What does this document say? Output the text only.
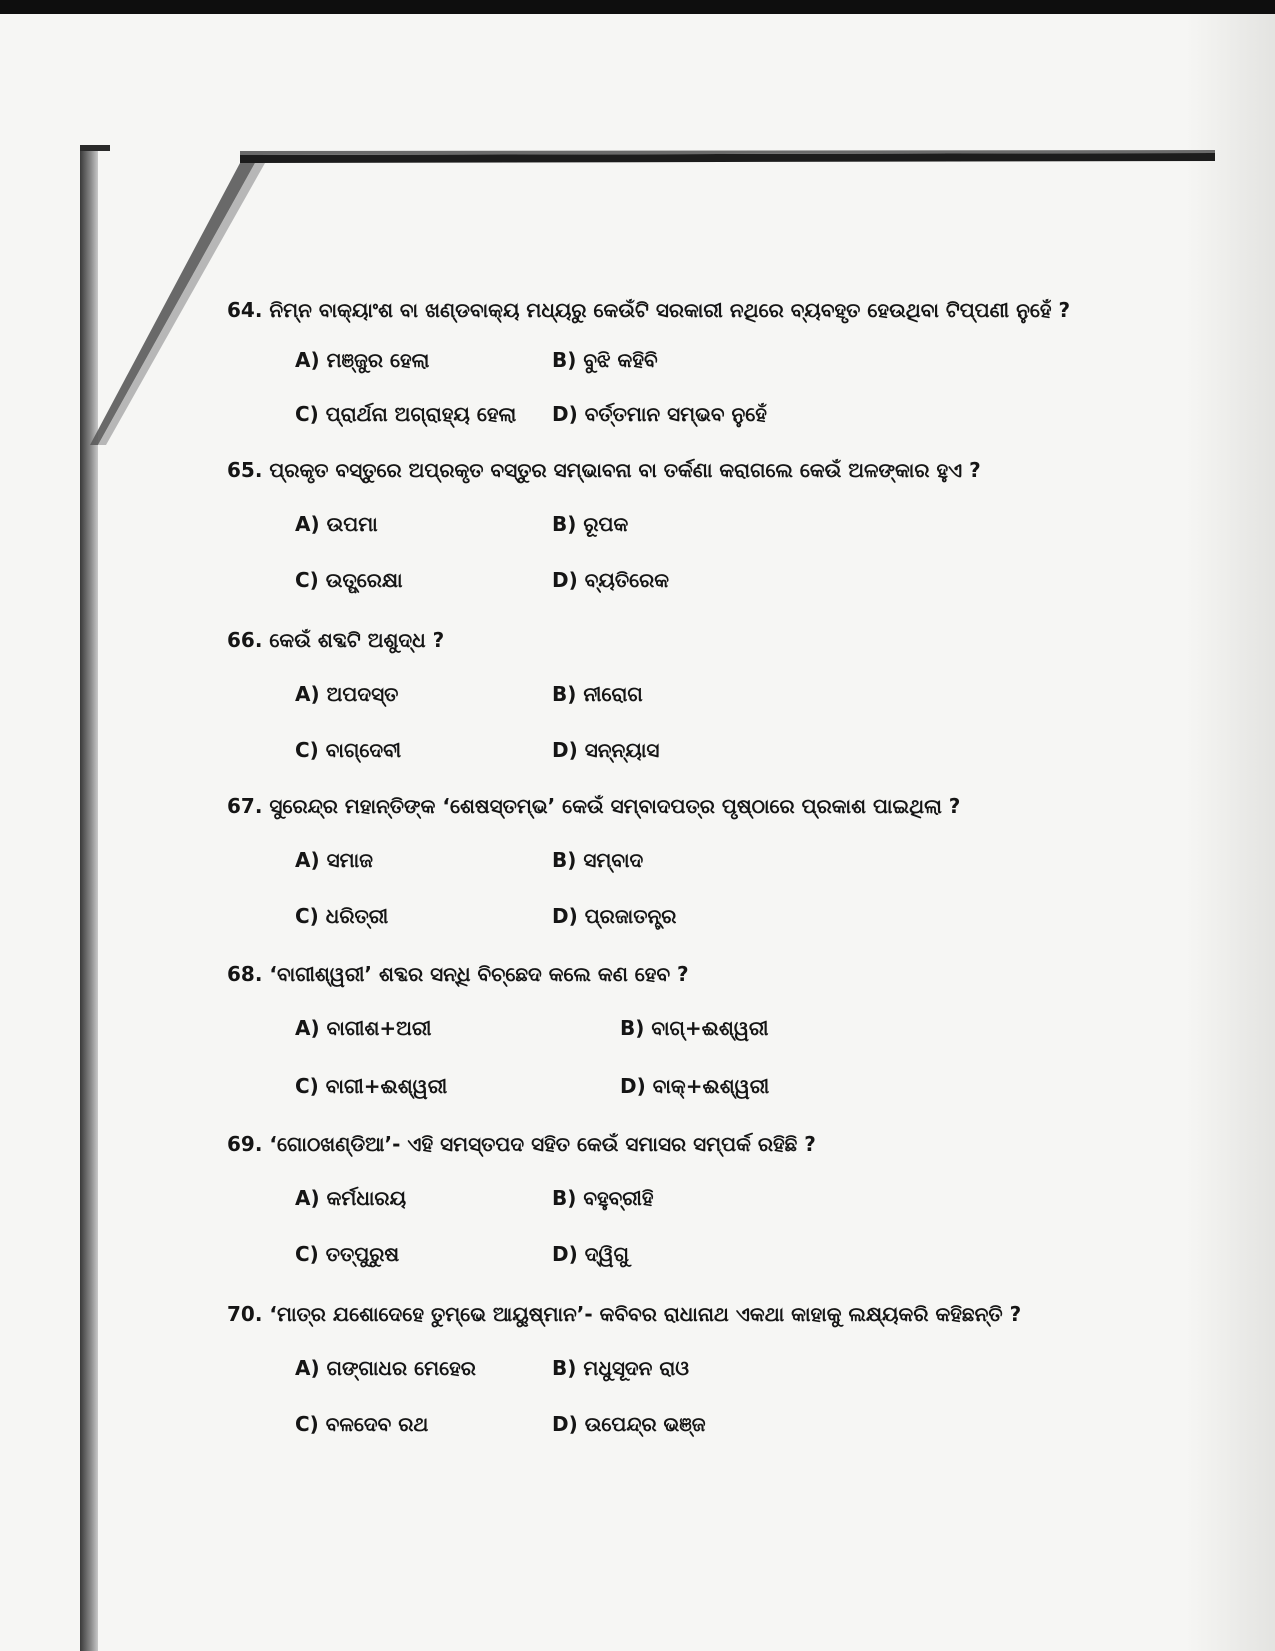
64. ନିମ୍ନ ବାକ୍ୟାଂଶ ବା ଖଣ୍ଡବାକ୍ୟ ମଧ୍ୟରୁ କେଉଁଟି ସରକାରୀ ନଥିରେ ବ୍ୟବହୃତ ହେଉଥିବା ଟିପ୍ପଣୀ ନୁହେଁ ?
A) ମଞ୍ଜୁର ହେଲା	B) ବୁଝି କହିବି
C) ପ୍ରାର୍ଥନା ଅଗ୍ରାହ୍ୟ ହେଲା D) ବର୍ତ୍ତମାନ ସମ୍ଭବ ନୁହେଁ
65. ପ୍ରକୃତ ବସ୍ତୁରେ ଅପ୍ରକୃତ ବସ୍ତୁର ସମ୍ଭାବନା ବା ତର୍କଣା କରାଗଲେ କେଉଁ ଅଳଙ୍କାର ହୁଏ ?
A) ଉପମା	B) ରୂପକ
C) ଉତ୍ପ୍ରେକ୍ଷା	D) ବ୍ୟତିରେକ
66. କେଉଁ ଶବ୍ଦଟି ଅଶୁଦ୍ଧ ?
A) ଅପଦସ୍ତ	B) ନୀରୋଗ
C) ବାଗ୍‌ଦେବୀ	D) ସନ୍ନ୍ୟାସ
67. ସୁରେନ୍ଦ୍ର ମହାନ୍ତିଙ୍କ ‘ଶେଷସ୍ତମ୍ଭ’ କେଉଁ ସମ୍ବାଦପତ୍ର ପୃଷ୍ଠାରେ ପ୍ରକାଶ ପାଇଥିଲା ?
A) ସମାଜ	B) ସମ୍ବାଦ
C) ଧରିତ୍ରୀ	D) ପ୍ରଜାତନ୍ତ୍ର
68. ‘ବାଗୀଶ୍ୱରୀ’ ଶବ୍ଦର ସନ୍ଧି ବିଚ୍ଛେଦ କଲେ କଣ ହେବ ?
A) ବାଗୀଶ+ଅରୀ	B) ବାଗ୍+ଈଶ୍ୱରୀ
C) ବାଗୀ+ଈଶ୍ୱରୀ	D) ବାକ୍+ଈଶ୍ୱରୀ
69. ‘ଗୋଠଖଣ୍ଡିଆ’- ଏହି ସମସ୍ତପଦ ସହିତ କେଉଁ ସମାସର ସମ୍ପର୍କ ରହିଛି ?
A) କର୍ମଧାରୟ	B) ବହୁବ୍ରୀହି
C) ତତ୍ପୁରୁଷ	D) ଦ୍ୱିଗୁ
70. ‘ମାତ୍ର ଯଶୋଦେହେ ତୁମ୍ଭେ ଆୟୁଷ୍ମାନ’- କବିବର ରାଧାନାଥ ଏକଥା କାହାକୁ ଲକ୍ଷ୍ୟକରି କହିଛନ୍ତି ?
A) ଗଙ୍ଗାଧର ମେହେର	B) ମଧୁସୂଦନ ରାଓ
C) ବଳଦେବ ରଥ	D) ଉପେନ୍ଦ୍ର ଭଞ୍ଜ
